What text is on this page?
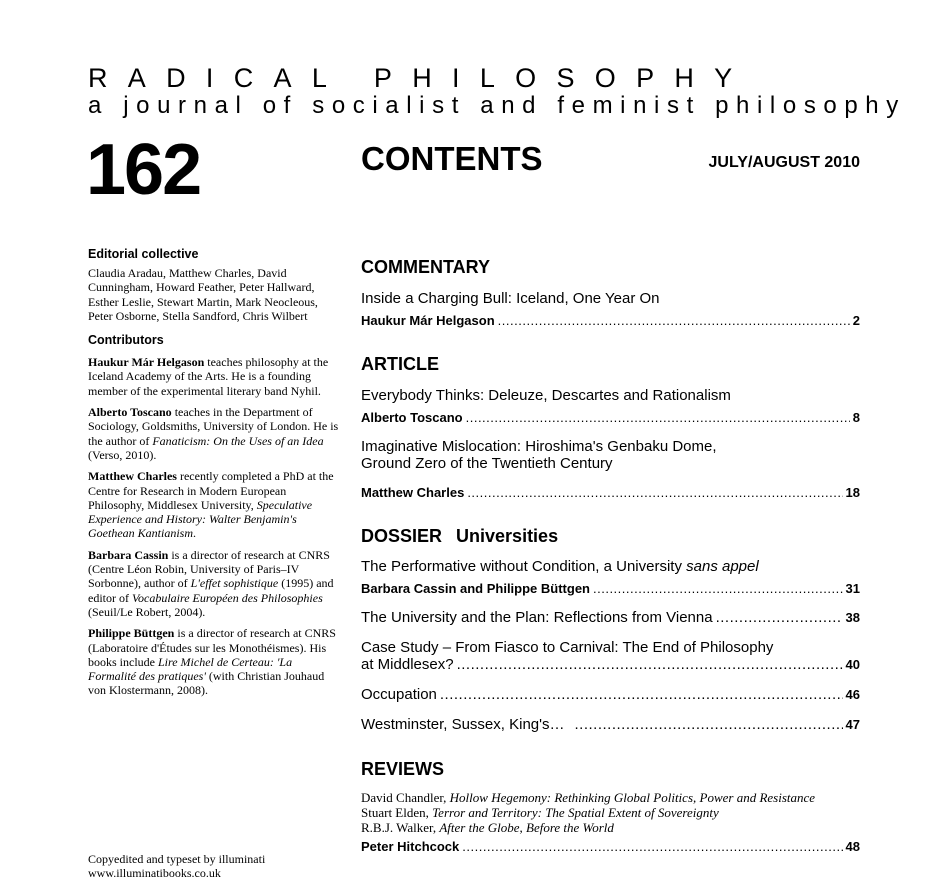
RADICAL PHILOSOPHY
a journal of socialist and feminist philosophy
162	CONTENTS	JULY/AUGUST 2010
Editorial collective
Claudia Aradau, Matthew Charles, David Cunningham, Howard Feather, Peter Hallward, Esther Leslie, Stewart Martin, Mark Neocleous, Peter Osborne, Stella Sandford, Chris Wilbert
Contributors
Haukur Már Helgason teaches philosophy at the Iceland Academy of the Arts. He is a founding member of the experimental literary band Nyhil.
Alberto Toscano teaches in the Department of Sociology, Goldsmiths, University of London. He is the author of Fanaticism: On the Uses of an Idea (Verso, 2010).
Matthew Charles recently completed a PhD at the Centre for Research in Modern European Philosophy, Middlesex University, Speculative Experience and History: Walter Benjamin's Goethean Kantianism.
Barbara Cassin is a director of research at CNRS (Centre Léon Robin, University of Paris–IV Sorbonne), author of L'effet sophistique (1995) and editor of Vocabulaire Européen des Philosophies (Seuil/Le Robert, 2004).
Philippe Büttgen is a director of research at CNRS (Laboratoire d'Études sur les Monothéismes). His books include Lire Michel de Certeau: 'La Formalité des pratiques' (with Christian Jouhaud von Klostermann, 2008).
Copyedited and typeset by illuminati
www.illuminatibooks.co.uk
COMMENTARY
Inside a Charging Bull: Iceland, One Year On
Haukur Már Helgason .....	2
ARTICLE
Everybody Thinks: Deleuze, Descartes and Rationalism
Alberto Toscano .....	8
Imaginative Mislocation: Hiroshima's Genbaku Dome,
Ground Zero of the Twentieth Century
Matthew Charles .....	18
DOSSIER Universities
The Performative without Condition, a University sans appel
Barbara Cassin and Philippe Büttgen .....	31
The University and the Plan: Reflections from Vienna .....	38
Case Study – From Fiasco to Carnival: The End of Philosophy
at Middlesex? .....	40
Occupation .....	46
Westminster, Sussex, King's… .....	47
REVIEWS
David Chandler, Hollow Hegemony: Rethinking Global Politics, Power and Resistance
Stuart Elden, Terror and Territory: The Spatial Extent of Sovereignty
R.B.J. Walker, After the Globe, Before the World
Peter Hitchcock .....	48
